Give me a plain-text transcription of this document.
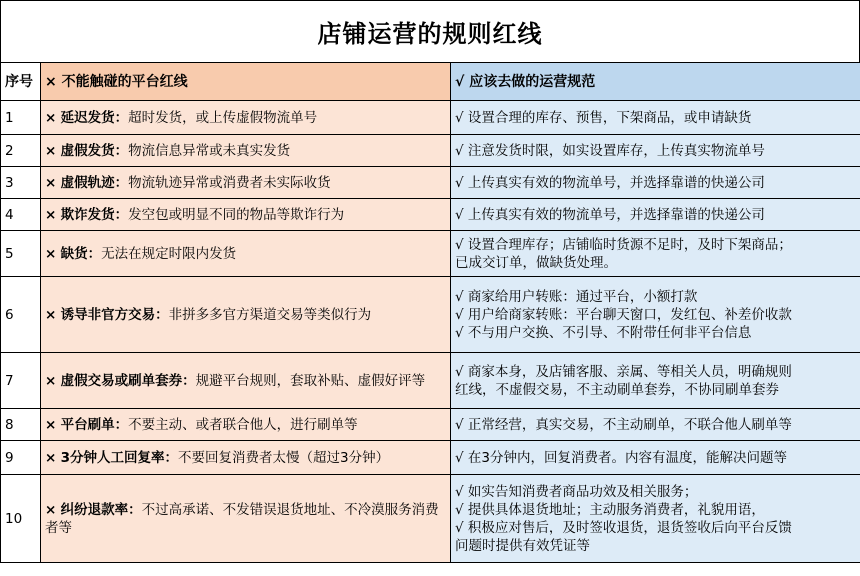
店铺运营的规则红线
序号	× 不能触碰的平台红线	√ 应该去做的运营规范
1	× 延迟发货：超时发货，或上传虚假物流单号	√ 设置合理的库存、预售，下架商品，或申请缺货

2	× 虚假发货：物流信息异常或未真实发货	√ 注意发货时限，如实设置库存，上传真实物流单号

3	× 虚假轨迹：物流轨迹异常或消费者未实际收货	√ 上传真实有效的物流单号，并选择靠谱的快递公司

4	× 欺诈发货：发空包或明显不同的物品等欺诈行为	√ 上传真实有效的物流单号，并选择靠谱的快递公司

5	× 缺货：无法在规定时限内发货	√ 设置合理库存；店铺临时货源不足时，及时下架商品；
已成交订单，做缺货处理。

6	× 诱导非官方交易：非拼多多官方渠道交易等类似行为	√ 商家给用户转账：通过平台，小额打款
√ 用户给商家转账：平台聊天窗口，发红包、补差价收款
√ 不与用户交换、不引导、不附带任何非平台信息

7	× 虚假交易或刷单套券：规避平台规则，套取补贴、虚假好评等	√ 商家本身，及店铺客服、亲属、等相关人员，明确规则
红线，不虚假交易，不主动刷单套券，不协同刷单套券

8	× 平台刷单：不要主动、或者联合他人，进行刷单等	√ 正常经营，真实交易，不主动刷单，不联合他人刷单等

9	× 3分钟人工回复率：不要回复消费者太慢（超过3分钟）	√ 在3分钟内，回复消费者。内容有温度，能解决问题等

10	× 纠纷退款率：不过高承诺、不发错误退货地址、不冷漠服务消费者等	√ 如实告知消费者商品功效及相关服务；
√ 提供具体退货地址；主动服务消费者，礼貌用语，
√ 积极应对售后，及时签收退货，退货签收后向平台反馈
问题时提供有效凭证等
